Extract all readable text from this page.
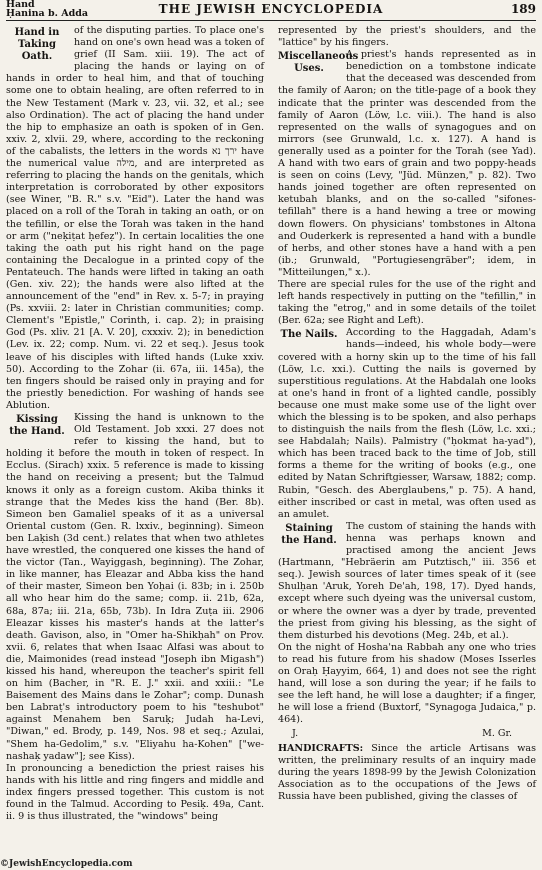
Hand
Ḥanina b. Adda	THE JEWISH ENCYCLOPEDIA	189

Hand in Taking Oath.
of the disputing parties. To place one's hand on one's own head was a token of grief (II Sam. xiii. 19). The act of placing the hands or laying on of hands in order to heal him, and that of touching some one to obtain healing, are often referred to in the New Testament (Mark v. 23, vii. 32, et al.; see also Ordination). The act of placing the hand under the hip to emphasize an oath is spoken of in Gen. xxiv. 2, xlvii. 29, where, according to the reckoning of the cabalists, the letters in the words ירך נא have the numerical value מילה, and are interpreted as referring to placing the hands on the genitals, which interpretation is corroborated by other expositors (see Winer, "B. R." s.v. "Eid"). Later the hand was placed on a roll of the Torah in taking an oath, or on the tefillin, or else the Torah was taken in the hand or arm ("neḳiṭat ḥefeẓ"). In certain localities the one taking the oath put his right hand on the page containing the Decalogue in a printed copy of the Pentateuch. The hands were lifted in taking an oath (Gen. xiv. 22); the hands were also lifted at the announcement of the "end" in Rev. x. 5-7; in praying (Ps. xxviii. 2: later in Christian communities; comp. Clement's "Epistle," Corinth, i. cap. 2); in praising God (Ps. xliv. 21 [A. V. 20], cxxxiv. 2); in benediction (Lev. ix. 22; comp. Num. vi. 22 et seq.). Jesus took leave of his disciples with lifted hands (Luke xxiv. 50). According to the Zohar (ii. 67a, iii. 145a), the ten fingers should be raised only in praying and for the priestly benediction. For washing of hands see Ablution.

Kissing the Hand.
Kissing the hand is unknown to the Old Testament. Job xxxi. 27 does not refer to kissing the hand, but to holding it before the mouth in token of respect. In Ecclus. (Sirach) xxix. 5 reference is made to kissing the hand on receiving a present; but the Talmud knows it only as a foreign custom. Akiba thinks it strange that the Medes kiss the hand (Ber. 8b). Simeon ben Gamaliel speaks of it as a universal Oriental custom (Gen. R. lxxiv., beginning). Simeon ben Laḳish (3d cent.) relates that when two athletes have wrestled, the conquered one kisses the hand of the victor (Tan., Wayiggash, beginning). The Zohar, in like manner, has Eleazar and Abba kiss the hand of their master, Simeon ben Yoḥai (i. 83b; in i. 250b all who hear him do the same; comp. ii. 21b, 62a, 68a, 87a; iii. 21a, 65b, 73b). In Idra Zuṭa iii. 2906 Eleazar kisses his master's hands at the latter's death. Gavison, also, in "Omer ha-Shikḥah" on Prov. xvii. 6, relates that when Isaac Alfasi was about to die, Maimonides (read instead "Joseph ibn Migash") kissed his hand, whereupon the teacher's spirit fell on him (Bacher, in "R. E. J." xxii. and xxiii.: "Le Baisement des Mains dans le Zohar"; comp. Dunash ben Labraṭ's introductory poem to his "teshubot" against Menahem ben Saruḳ; Judah ha-Levi, "Diwan," ed. Brody, p. 149, Nos. 98 et seq.; Azulai, "Shem ha-Gedolim," s.v. "Eliyahu ha-Kohen" ["we-nashaḳ yadaw"]; see Kiss).

In pronouncing a benediction the priest raises his hands with his little and ring fingers and middle and index fingers pressed together. This custom is not found in the Talmud. According to Pesiḳ. 49a, Cant. ii. 9 is thus illustrated, the "windows" being

represented by the priest's shoulders, and the "lattice" by his fingers.

Miscellaneous Uses.
A priest's hands represented as in benediction on a tombstone indicate that the deceased was descended from the family of Aaron; on the title-page of a book they indicate that the printer was descended from the family of Aaron (Löw, l.c. viii.). The hand is also represented on the walls of synagogues and on mirrors (see Grunwald, l.c. x. 127). A hand is generally used as a pointer for the Torah (see Yad). A hand with two ears of grain and two poppy-heads is seen on coins (Levy, "Jüd. Münzen," p. 82). Two hands joined together are often represented on ketubah blanks, and on the so-called "sifones-tefillah" there is a hand hewing a tree or mowing down flowers. On physicians' tombstones in Altona and Ouderkerk is represented a hand with a bundle of herbs, and other stones have a hand with a pen (ib.; Grunwald, "Portugiesengräber"; idem, in "Mitteilungen," x.).

There are special rules for the use of the right and left hands respectively in putting on the "tefillin," in taking the "etrog," and in some details of the toilet (Ber. 62a; see Right and Left).

The Nails. According to the Haggadah, Adam's hands—indeed, his whole body—were covered with a horny skin up to the time of his fall (Löw, l.c. xxi.). Cutting the nails is governed by superstitious regulations. At the Habdalah one looks at one's hand in front of a lighted candle, possibly because one must make some use of the light over which the blessing is to be spoken, and also perhaps to distinguish the nails from the flesh (Löw, l.c. xxi.; see Habdalah; Nails). Palmistry ("ḥokmat ha-yad"), which has been traced back to the time of Job, still forms a theme for the writing of books (e.g., one edited by Natan Schriftgiesser, Warsaw, 1882; comp. Rubin, "Gesch. des Aberglaubens," p. 75). A hand, either inscribed or cast in metal, was often used as an amulet.

Staining the Hand.
The custom of staining the hands with henna was perhaps known and practised among the ancient Jews (Hartmann, "Hebräerin am Putztisch," iii. 356 et seq.). Jewish sources of later times speak of it (see Shulḥan 'Aruk, Yoreh De'ah, 198, 17). Dyed hands, except where such dyeing was the universal custom, or where the owner was a dyer by trade, prevented the priest from giving his blessing, as the sight of them disturbed his devotions (Meg. 24b, et al.).

On the night of Hosha'na Rabbah any one who tries to read his future from his shadow (Moses Isserles on Oraḥ Ḥayyim, 664, 1) and does not see the right hand, will lose a son during the year; if he fails to see the left hand, he will lose a daughter; if a finger, he will lose a friend (Buxtorf, "Synagoga Judaica," p. 464).

J.	M. Gr.

HANDICRAFTS: Since the article Artisans was written, the preliminary results of an inquiry made during the years 1898-99 by the Jewish Colonization Association as to the occupations of the Jews of Russia have been published, giving the classes of

©JewishEncyclopedia.com
